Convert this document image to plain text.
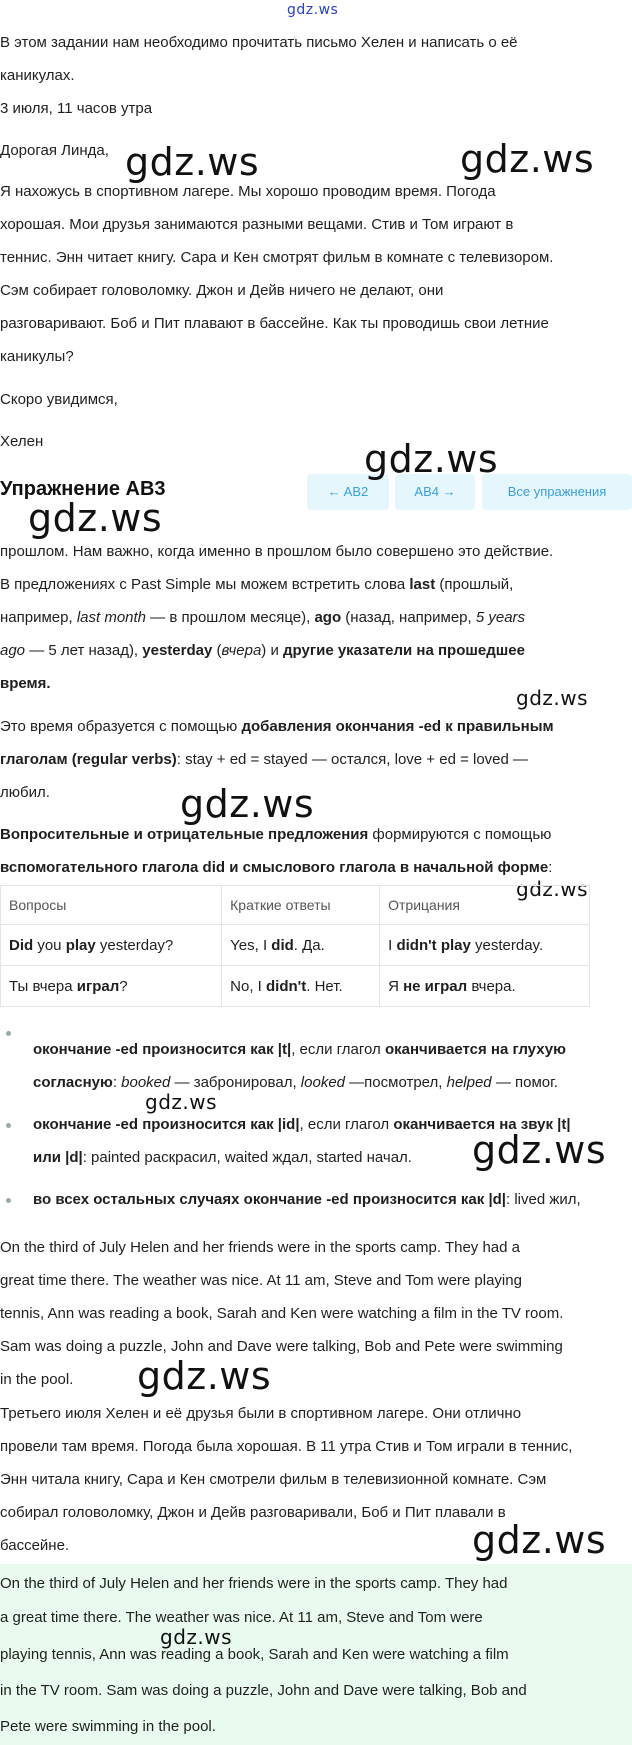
gdz.ws

В этом задании нам необходимо прочитать письмо Хелен и написать о её

каникулах.

3 июля, 11 часов утра

Дорогая Линда,

Я нахожусь в спортивном лагере. Мы хорошо проводим время. Погода

хорошая. Мои друзья занимаются разными вещами. Стив и Том играют в

теннис. Энн читает книгу. Сара и Кен смотрят фильм в комнате с телевизором.

Сэм собирает головоломку. Джон и Дейв ничего не делают, они

разговаривают. Боб и Пит плавают в бассейне. Как ты проводишь свои летние

каникулы?

Скоро увидимся,

Хелен

gdz.ws	gdz.ws
Упражнение AB3	← AB2	AB4 →	Все упражнения
gdz.ws
gdz.ws

прошлом. Нам важно, когда именно в прошлом было совершено это действие.

В предложениях с Past Simple мы можем встретить слова last (прошлый,

например, last month — в прошлом месяце), ago (назад, например, 5 years

ago — 5 лет назад), yesterday (вчера) и другие указатели на прошедшее

время.

gdz.ws

Это время образуется с помощью добавления окончания -ed к правильным

глаголам (regular verbs): stay + ed = stayed — остался, love + ed = loved —

любил.	gdz.ws

Вопросительные и отрицательные предложения формируются с помощью

вспомогательного глагола did и смыслового глагола в начальной форме:

gdz.ws
Вопросы	Краткие ответы	Отрицания
Did you play yesterday?	Yes, I did. Да.	I didn't play yesterday.
Ты вчера играл?	No, I didn't. Нет.	Я не играл вчера.

окончание -ed произносится как |t|, если глагол оканчивается на глухую

согласную: booked — забронировал, looked —посмотрел, helped — помог.

gdz.ws

окончание -ed произносится как |id|, если глагол оканчивается на звук |t|

или |d|: painted раскрасил, waited ждал, started начал.	gdz.ws

во всех остальных случаях окончание -ed произносится как |d|: lived жил,

On the third of July Helen and her friends were in the sports camp. They had a

great time there. The weather was nice. At 11 am, Steve and Tom were playing

tennis, Ann was reading a book, Sarah and Ken were watching a film in the TV room.

Sam was doing a puzzle, John and Dave were talking, Bob and Pete were swimming

in the pool.	gdz.ws

Третьего июля Хелен и её друзья были в спортивном лагере. Они отлично

провели там время. Погода была хорошая. В 11 утра Стив и Том играли в теннис,

Энн читала книгу, Сара и Кен смотрели фильм в телевизионной комнате. Сэм

собирал головоломку, Джон и Дейв разговаривали, Боб и Пит плавали в

бассейне.	gdz.ws

On the third of July Helen and her friends were in the sports camp. They had

a great time there. The weather was nice. At 11 am, Steve and Tom were

playing tennis, Ann was reading a book, Sarah and Ken were watching a film

in the TV room. Sam was doing a puzzle, John and Dave were talking, Bob and

Pete were swimming in the pool.

gdz.ws
